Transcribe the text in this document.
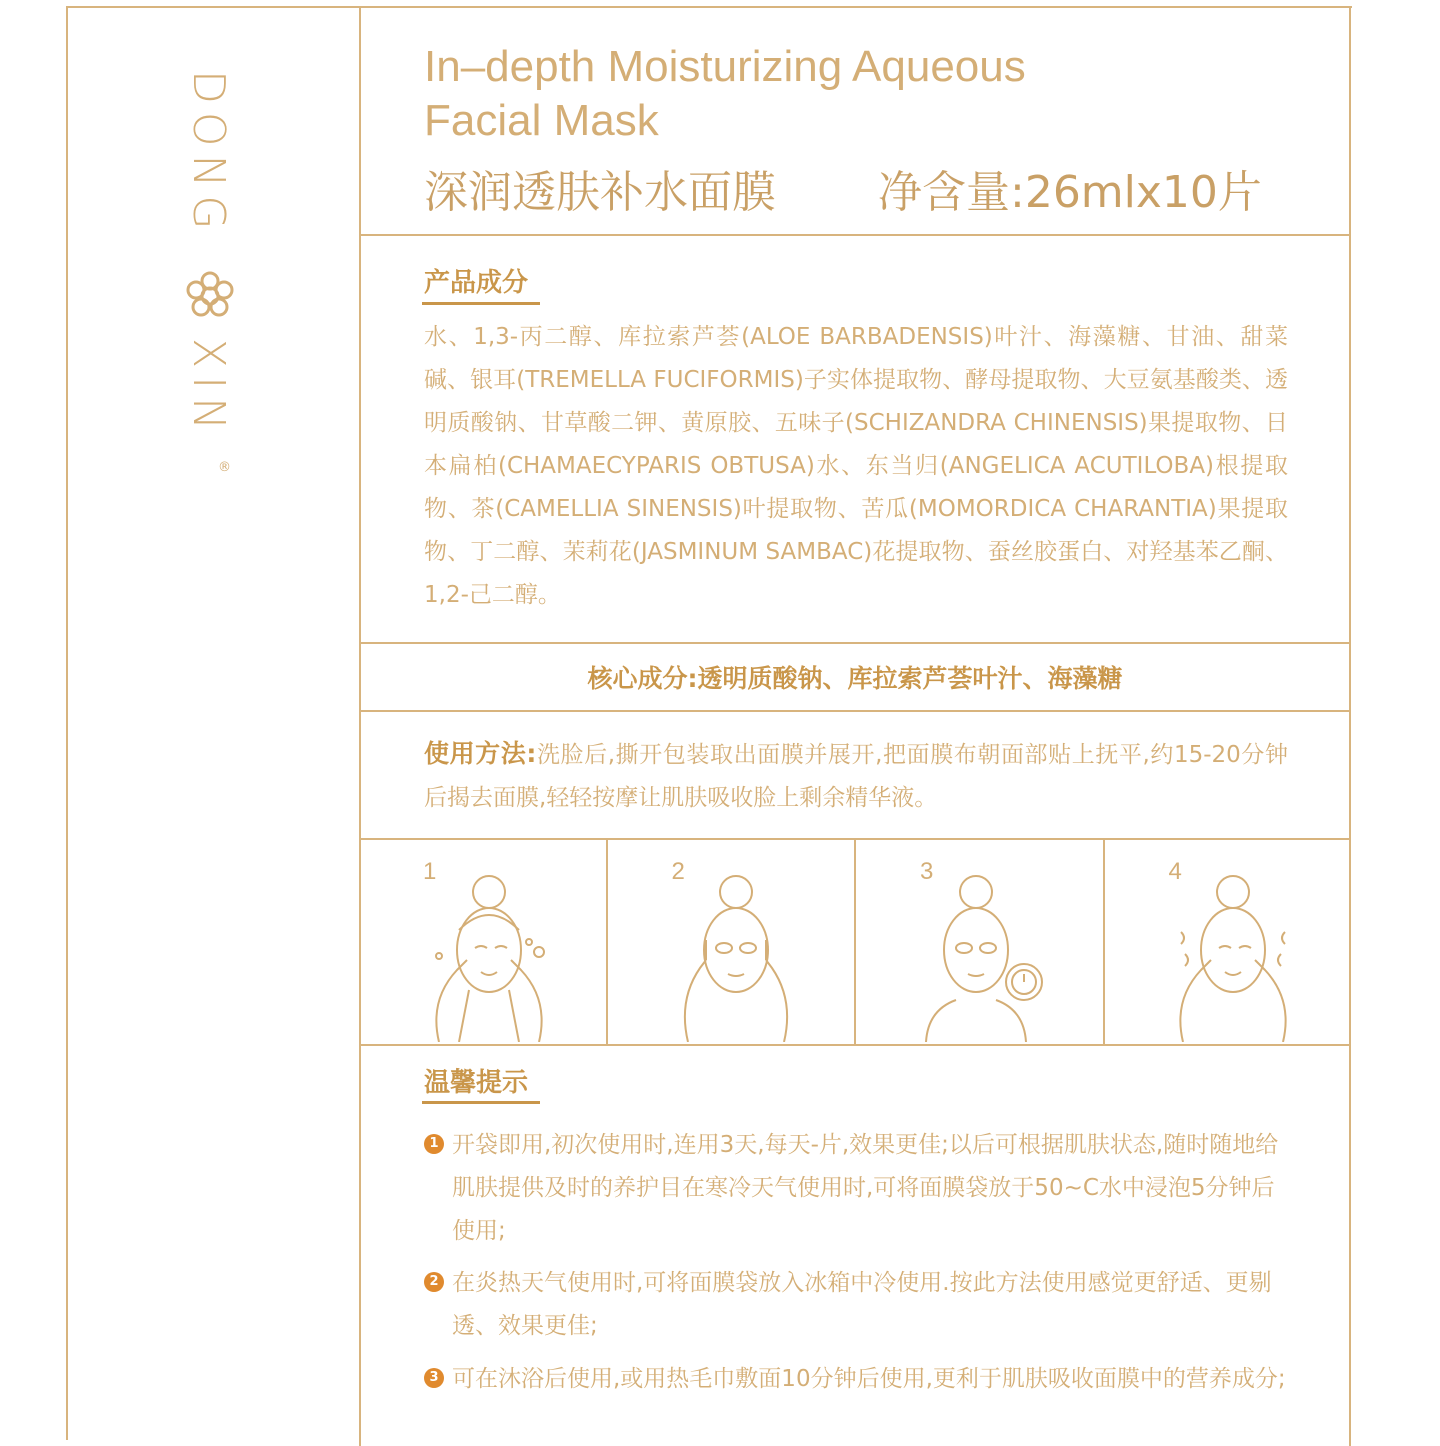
DONG
XIN
®
In–depth Moisturizing Aqueous
Facial Mask
深润透肤补水面膜 净含量:26mlx10片
产品成分
水、1,3-丙二醇、库拉索芦荟(ALOE BARBADENSIS)叶汁、海藻糖、甘油、甜菜碱、银耳(TREMELLA FUCIFORMIS)子实体提取物、酵母提取物、大豆氨基酸类、透明质酸钠、甘草酸二钾、黄原胶、五味子(SCHIZANDRA CHINENSIS)果提取物、日本扁柏(CHAMAECYPARIS OBTUSA)水、东当归(ANGELICA ACUTILOBA)根提取物、茶(CAMELLIA SINENSIS)叶提取物、苦瓜(MOMORDICA CHARANTIA)果提取物、丁二醇、茉莉花(JASMINUM SAMBAC)花提取物、蚕丝胶蛋白、对羟基苯乙酮、1,2-己二醇。
核心成分:透明质酸钠、库拉索芦荟叶汁、海藻糖
使用方法:洗脸后,撕开包装取出面膜并展开,把面膜布朝面部贴上抚平,约15-20分钟后揭去面膜,轻轻按摩让肌肤吸收脸上剩余精华液。
1	2	3	4
温馨提示
1 开袋即用,初次使用时,连用3天,每天-片,效果更佳;以后可根据肌肤状态,随时随地给肌肤提供及时的养护目在寒冷天气使用时,可将面膜袋放于50~C水中浸泡5分钟后使用;
2 在炎热天气使用时,可将面膜袋放入冰箱中冷使用.按此方法使用感觉更舒适、更剔透、效果更佳;
3 可在沐浴后使用,或用热毛巾敷面10分钟后使用,更利于肌肤吸收面膜中的营养成分;
